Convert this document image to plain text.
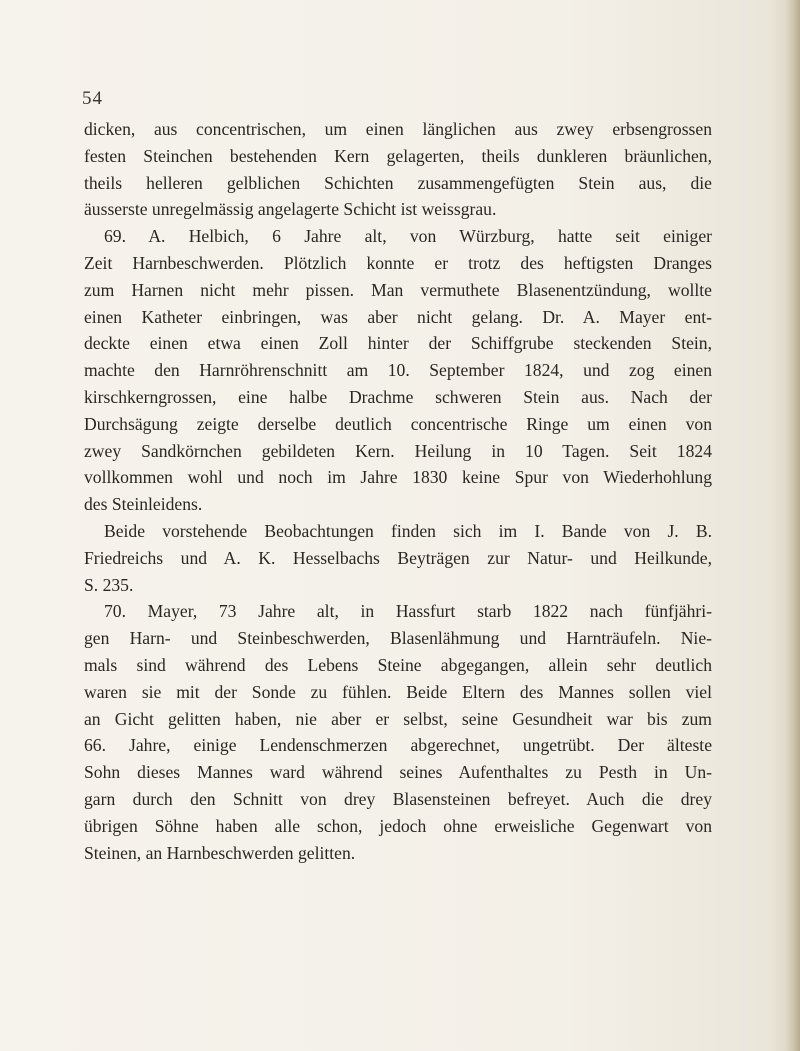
54
dicken, aus concentrischen, um einen länglichen aus zwey erbsengrossen
festen Steinchen bestehenden Kern gelagerten, theils dunkleren bräunlichen,
theils helleren gelblichen Schichten zusammengefügten Stein aus, die
äusserste unregelmässig angelagerte Schicht ist weissgrau.
69. A. Helbich, 6 Jahre alt, von Würzburg, hatte seit einiger
Zeit Harnbeschwerden. Plötzlich konnte er trotz des heftigsten Dranges
zum Harnen nicht mehr pissen. Man vermuthete Blasenentzündung, wollte
einen Katheter einbringen, was aber nicht gelang. Dr. A. Mayer ent-
deckte einen etwa einen Zoll hinter der Schiffgrube steckenden Stein,
machte den Harnröhrenschnitt am 10. September 1824, und zog einen
kirschkerngrossen, eine halbe Drachme schweren Stein aus. Nach der
Durchsägung zeigte derselbe deutlich concentrische Ringe um einen von
zwey Sandkörnchen gebildeten Kern. Heilung in 10 Tagen. Seit 1824
vollkommen wohl und noch im Jahre 1830 keine Spur von Wiederhohlung
des Steinleidens.
Beide vorstehende Beobachtungen finden sich im I. Bande von J. B.
Friedreichs und A. K. Hesselbachs Beyträgen zur Natur- und Heilkunde,
S. 235.
70. Mayer, 73 Jahre alt, in Hassfurt starb 1822 nach fünfjähri-
gen Harn- und Steinbeschwerden, Blasenlähmung und Harnträufeln. Nie-
mals sind während des Lebens Steine abgegangen, allein sehr deutlich
waren sie mit der Sonde zu fühlen. Beide Eltern des Mannes sollen viel
an Gicht gelitten haben, nie aber er selbst, seine Gesundheit war bis zum
66. Jahre, einige Lendenschmerzen abgerechnet, ungetrübt. Der älteste
Sohn dieses Mannes ward während seines Aufenthaltes zu Pesth in Un-
garn durch den Schnitt von drey Blasensteinen befreyet. Auch die drey
übrigen Söhne haben alle schon, jedoch ohne erweisliche Gegenwart von
Steinen, an Harnbeschwerden gelitten.
